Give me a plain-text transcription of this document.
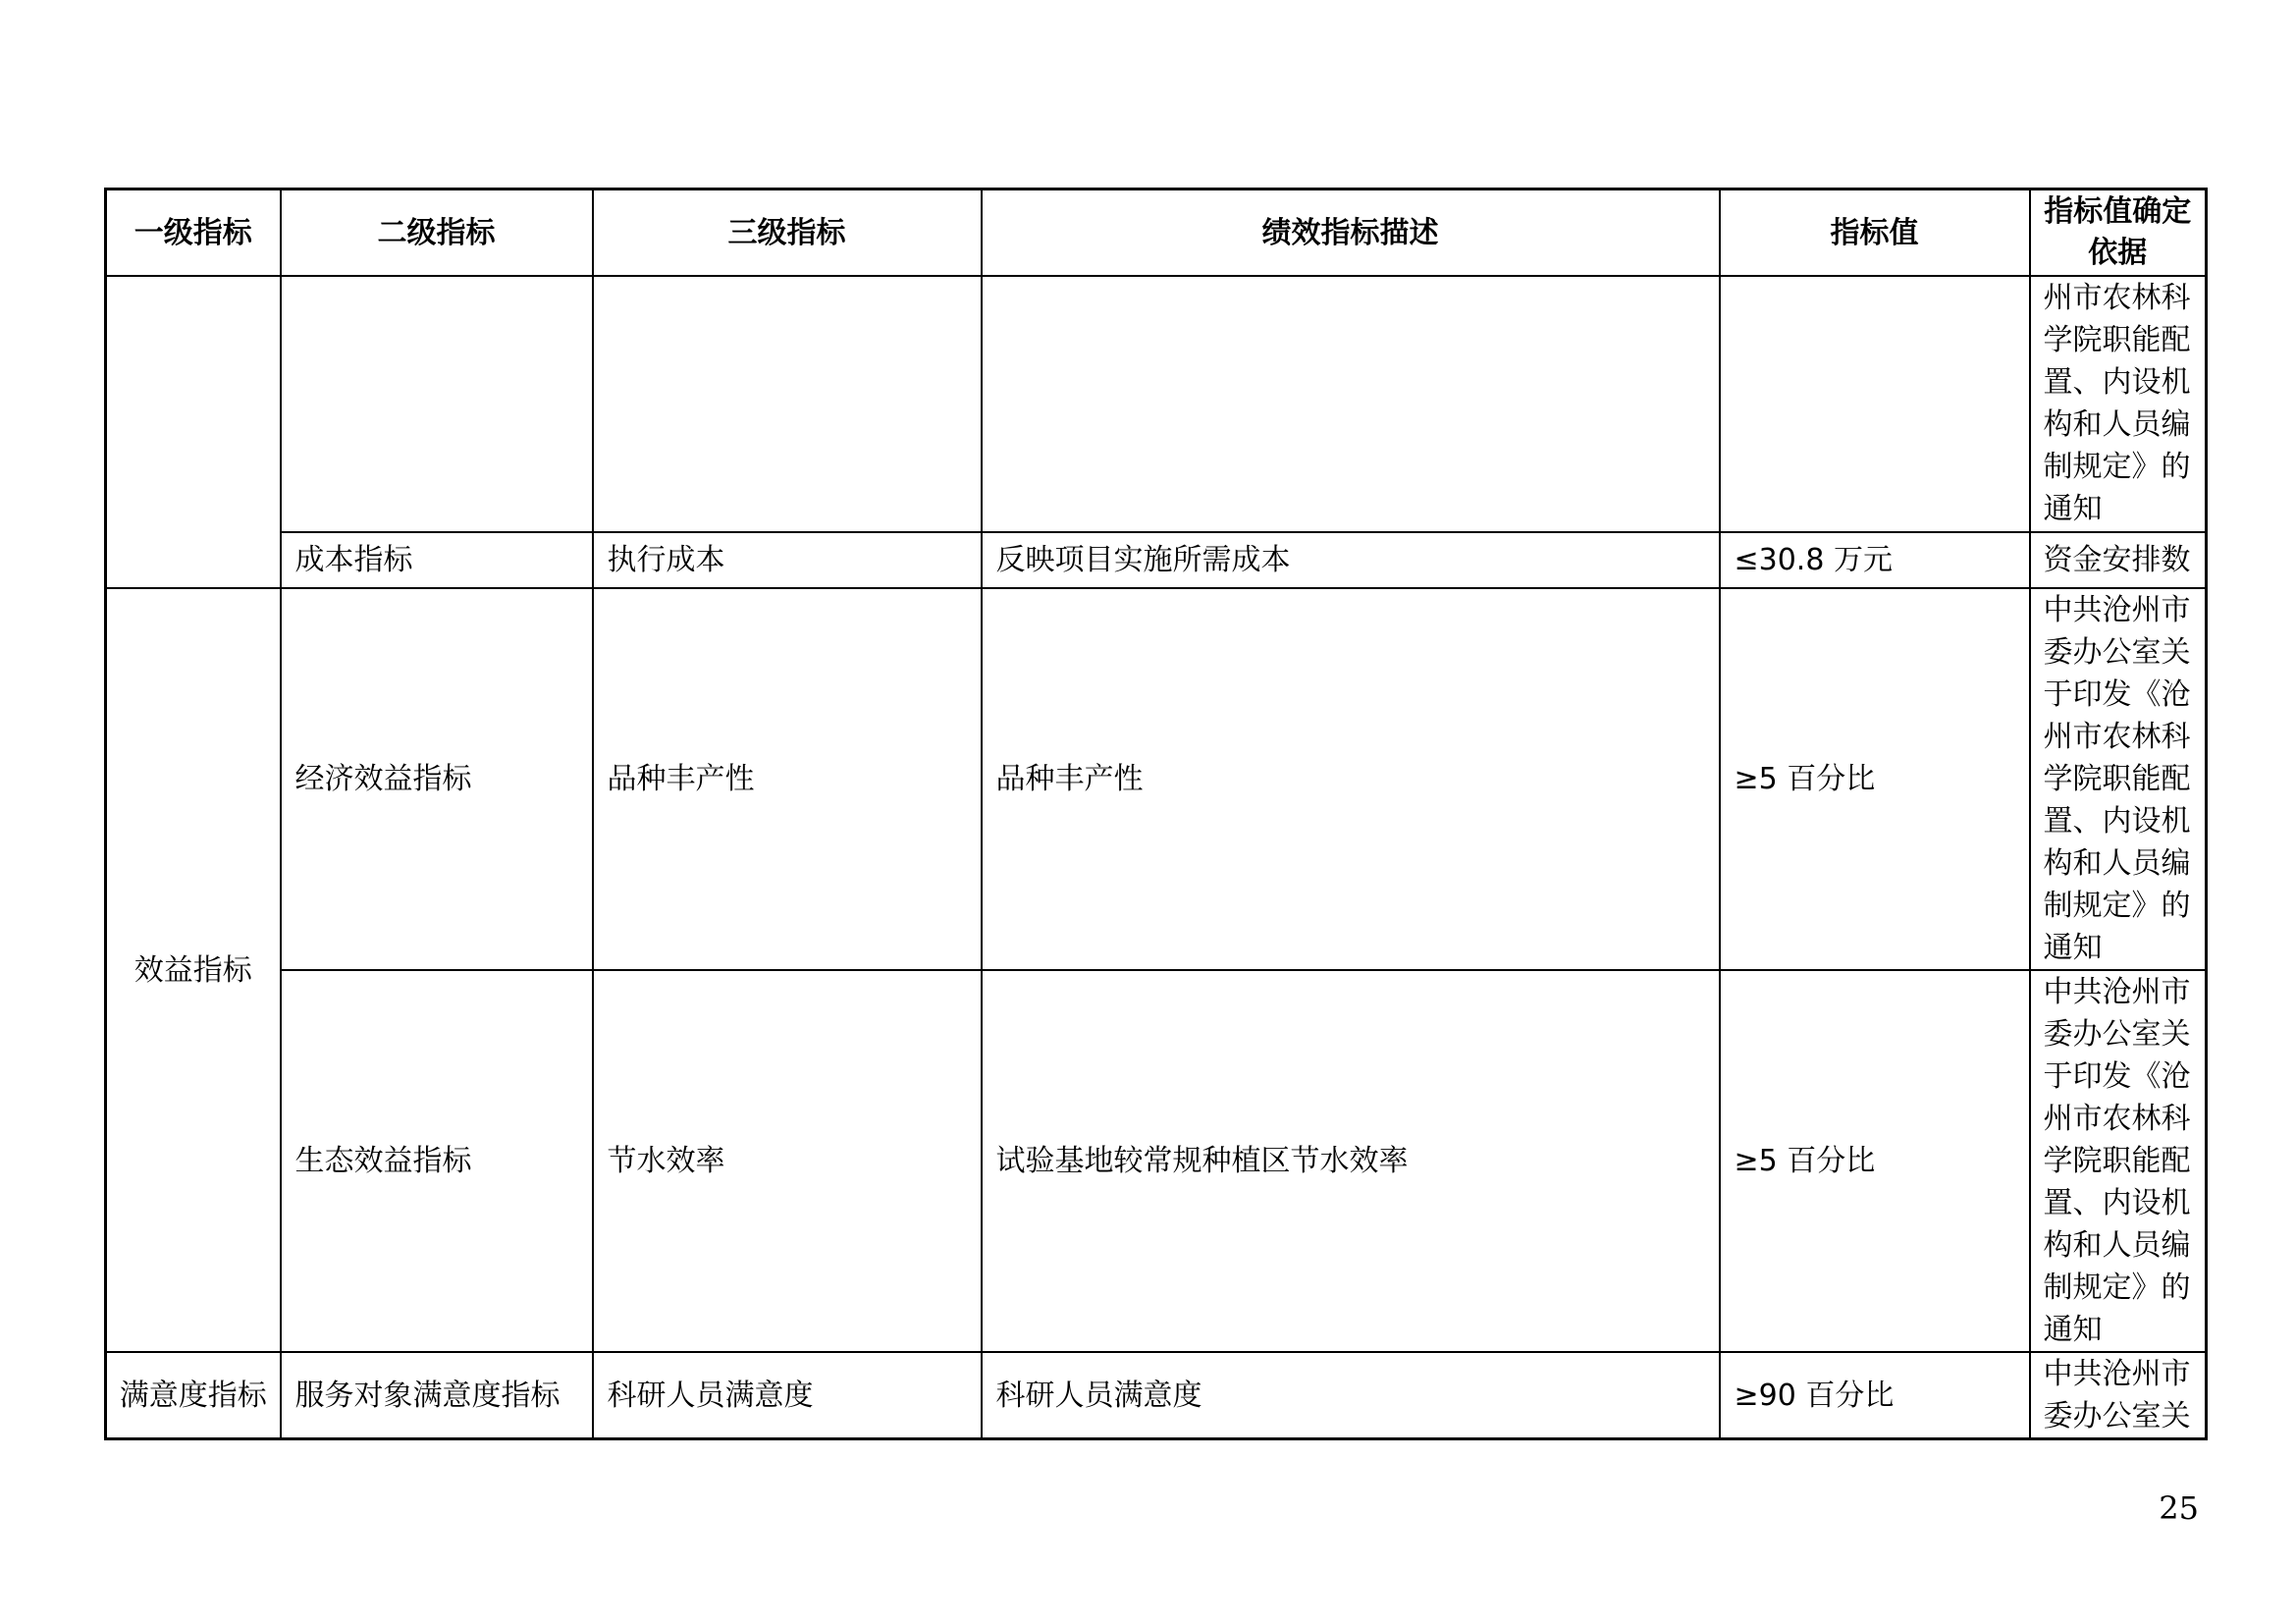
一级指标	二级指标	三级指标	绩效指标描述	指标值	指标值确定依据
					州市农林科学院职能配置、内设机构和人员编制规定》的通知
	成本指标	执行成本	反映项目实施所需成本	≤30.8 万元	资金安排数
效益指标	经济效益指标	品种丰产性	品种丰产性	≥5 百分比	中共沧州市委办公室关于印发《沧州市农林科学院职能配置、内设机构和人员编制规定》的通知
	生态效益指标	节水效率	试验基地较常规种植区节水效率	≥5 百分比	中共沧州市委办公室关于印发《沧州市农林科学院职能配置、内设机构和人员编制规定》的通知
满意度指标	服务对象满意度指标	科研人员满意度	科研人员满意度	≥90 百分比	中共沧州市委办公室关
25
